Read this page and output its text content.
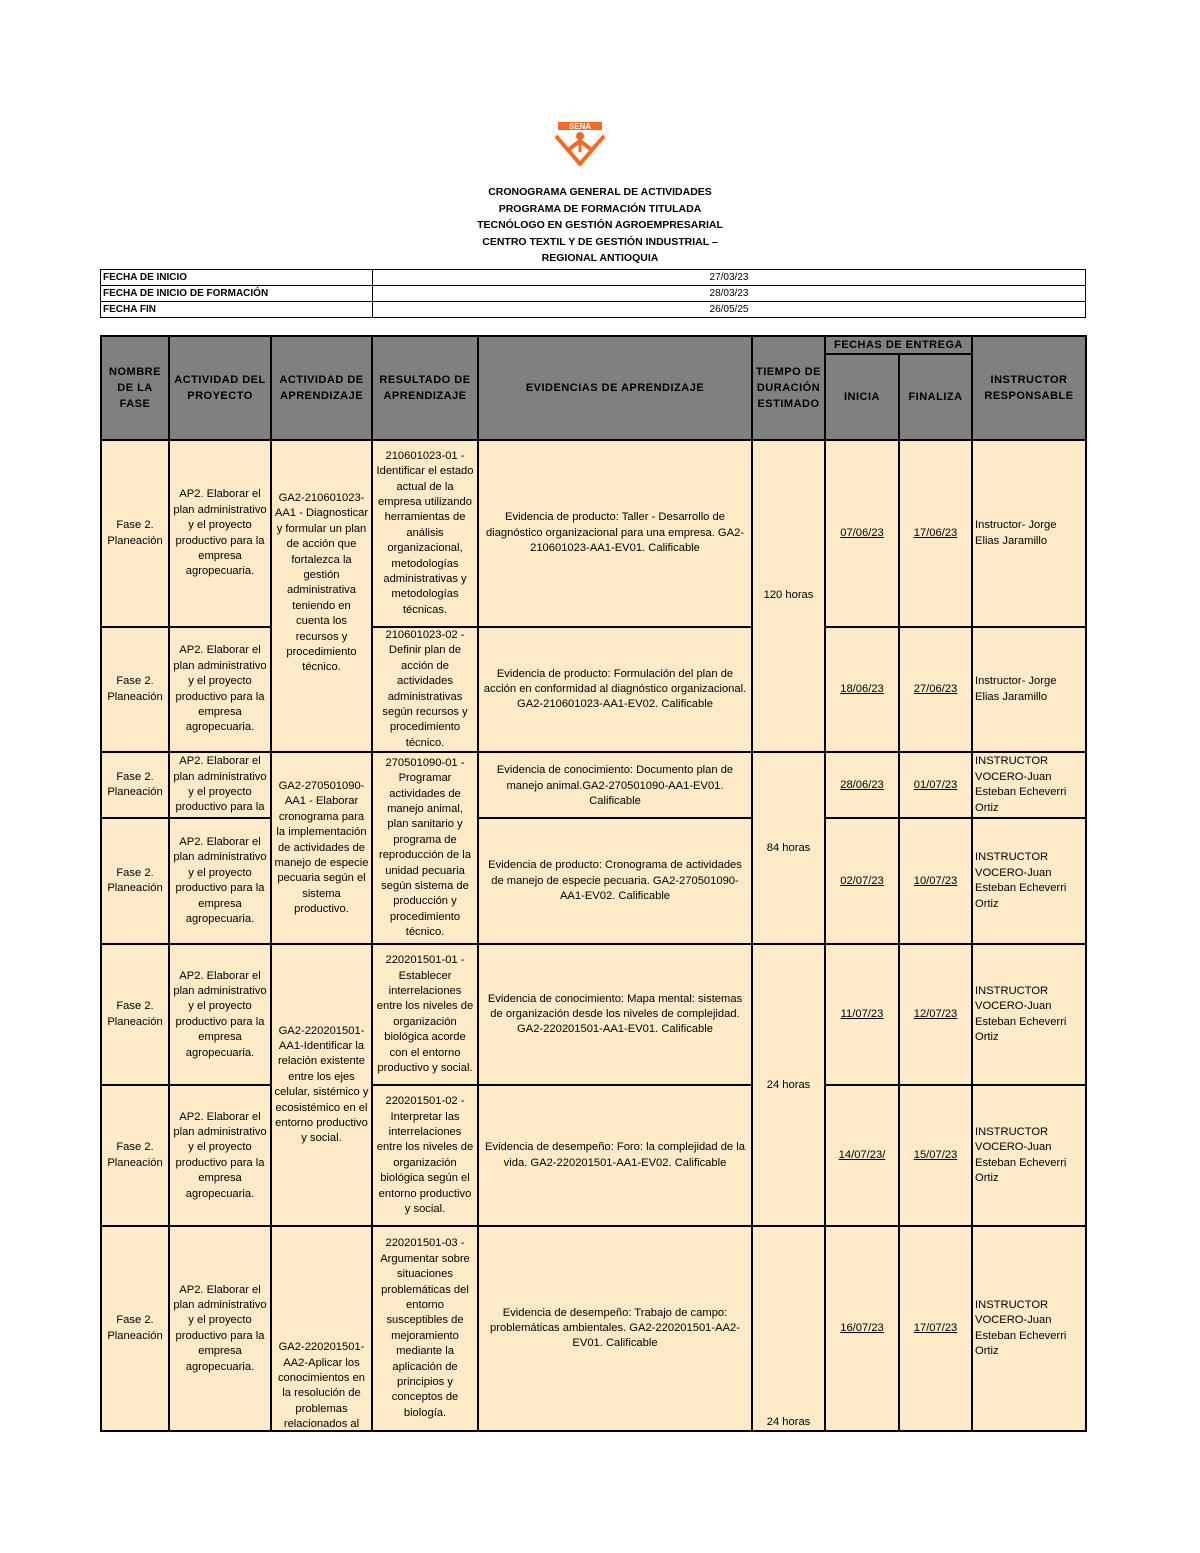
SENA
CRONOGRAMA GENERAL DE ACTIVIDADES
PROGRAMA DE FORMACIÓN TITULADA
TECNÓLOGO EN GESTIÓN AGROEMPRESARIAL
CENTRO TEXTIL Y DE GESTIÓN INDUSTRIAL –
REGIONAL ANTIOQUIA
FECHA DE INICIO	27/03/23
FECHA DE INICIO DE FORMACIÓN	28/03/23
FECHA FIN	26/05/25
NOMBRE DE LA FASE	ACTIVIDAD DEL PROYECTO	ACTIVIDAD DE APRENDIZAJE	RESULTADO DE APRENDIZAJE	EVIDENCIAS DE APRENDIZAJE	TIEMPO DE DURACIÓN ESTIMADO	FECHAS DE ENTREGA		INSTRUCTOR RESPONSABLE
						INICIA	FINALIZA	
Fase 2. Planeación	AP2. Elaborar el plan administrativo y el proyecto productivo para la empresa agropecuaria.	GA2-210601023-AA1 - Diagnosticar y formular un plan de acción que fortalezca la gestión administrativa teniendo en cuenta los recursos y procedimiento técnico.	210601023-01 - Identificar el estado actual de la empresa utilizando herramientas de análisis organizacional, metodologías administrativas y metodologías técnicas.	Evidencia de producto: Taller - Desarrollo de diagnóstico organizacional para una empresa. GA2-210601023-AA1-EV01. Calificable	120 horas	07/06/23	17/06/23	Instructor- Jorge Elias Jaramillo
Fase 2. Planeación	AP2. Elaborar el plan administrativo y el proyecto productivo para la empresa agropecuaria.		210601023-02 - Definir plan de acción de actividades administrativas según recursos y procedimiento técnico.	Evidencia de producto: Formulación del plan de acción en conformidad al diagnóstico organizacional. GA2-210601023-AA1-EV02. Calificable		18/06/23	27/06/23	Instructor- Jorge Elias Jaramillo
Fase 2. Planeación	AP2. Elaborar el plan administrativo y el proyecto productivo para la	GA2-270501090-AA1 - Elaborar cronograma para la implementación de actividades de manejo de especie pecuaria según el sistema productivo.	270501090-01 - Programar actividades de manejo animal, plan sanitario y programa de reproducción de la unidad pecuaria según sistema de producción y procedimiento técnico.	Evidencia de conocimiento: Documento plan de manejo animal.GA2-270501090-AA1-EV01. Calificable	84 horas	28/06/23	01/07/23	INSTRUCTOR VOCERO-Juan Esteban Echeverri Ortiz
Fase 2. Planeación	AP2. Elaborar el plan administrativo y el proyecto productivo para la empresa agropecuaria.			Evidencia de producto: Cronograma de actividades de manejo de especie pecuaria. GA2-270501090-AA1-EV02. Calificable		02/07/23	10/07/23	INSTRUCTOR VOCERO-Juan Esteban Echeverri Ortiz
Fase 2. Planeación	AP2. Elaborar el plan administrativo y el proyecto productivo para la empresa agropecuaria.	GA2-220201501-AA1-Identificar la relación existente entre los ejes celular, sistémico y ecosistémico en el entorno productivo y social.	220201501-01 - Establecer interrelaciones entre los niveles de organización biológica acorde con el entorno productivo y social.	Evidencia de conocimiento: Mapa mental: sistemas de organización desde los niveles de complejidad. GA2-220201501-AA1-EV01. Calificable	24 horas	11/07/23	12/07/23	INSTRUCTOR VOCERO-Juan Esteban Echeverri Ortiz
Fase 2. Planeación	AP2. Elaborar el plan administrativo y el proyecto productivo para la empresa agropecuaria.		220201501-02 - Interpretar las interrelaciones entre los niveles de organización biológica según el entorno productivo y social.	Evidencia de desempeño: Foro: la complejidad de la vida. GA2-220201501-AA1-EV02. Calificable		14/07/23/	15/07/23	INSTRUCTOR VOCERO-Juan Esteban Echeverri Ortiz
Fase 2. Planeación	AP2. Elaborar el plan administrativo y el proyecto productivo para la empresa agropecuaria.	GA2-220201501-AA2-Aplicar los conocimientos en la resolución de problemas relacionados al	220201501-03 - Argumentar sobre situaciones problemáticas del entorno susceptibles de mejoramiento mediante la aplicación de principios y conceptos de biología.	Evidencia de desempeño: Trabajo de campo: problemáticas ambientales. GA2-220201501-AA2-EV01. Calificable	24 horas	16/07/23	17/07/23	INSTRUCTOR VOCERO-Juan Esteban Echeverri Ortiz
